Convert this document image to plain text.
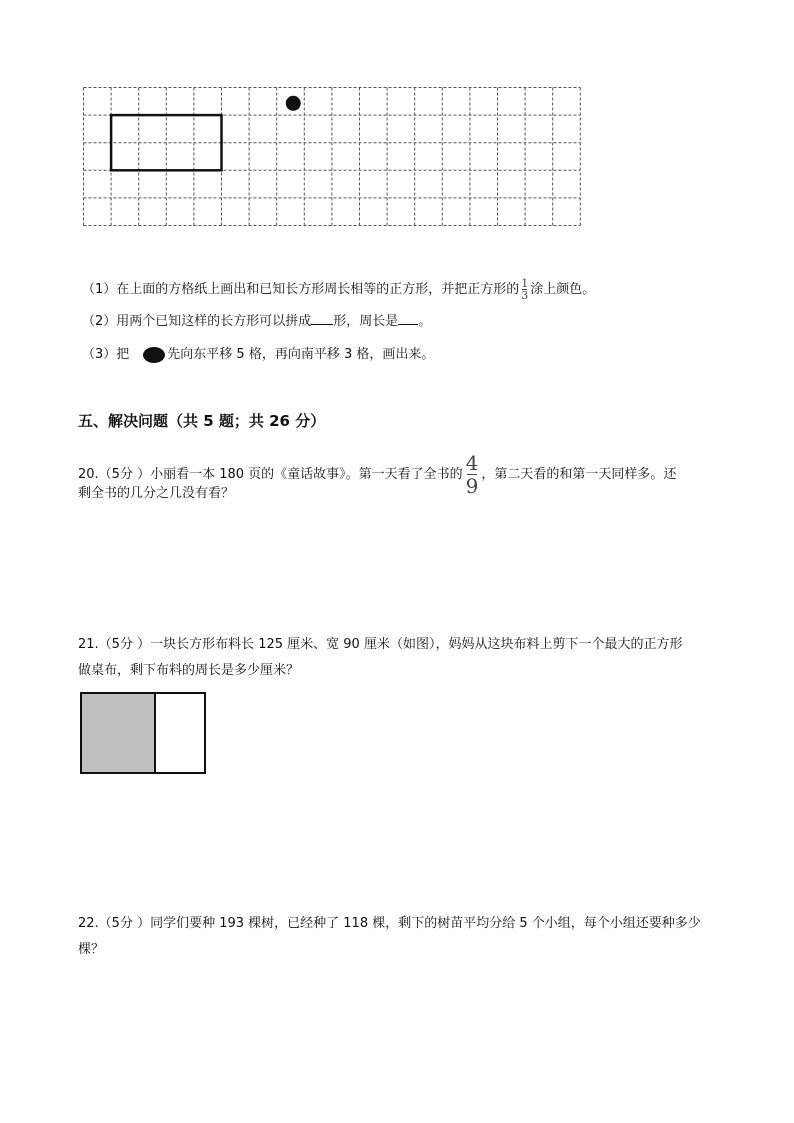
（1）在上面的方格纸上画出和已知长方形周长相等的正方形，并把正方形的 $\frac{1}{3}$ 涂上颜色。
（2）用两个已知这样的长方形可以拼成 形，周长是 。
（3）把	先向东平移 5 格，再向南平移 3 格，画出来。
五、解决问题（共 5 题；共 26 分）
20.（5分 ）小丽看一本 180 页的《童话故事》。第一天看了全书的 $\frac{4}{9}$ ，第二天看的和第一天同样多。还
剩全书的几分之几没有看？
21.（5分 ）一块长方形布料长 125 厘米、宽 90 厘米（如图），妈妈从这块布料上剪下一个最大的正方形
做桌布，剩下布料的周长是多少厘米？
22.（5分 ）同学们要种 193 棵树，已经种了 118 棵，剩下的树苗平均分给 5 个小组，每个小组还要种多少
棵？
